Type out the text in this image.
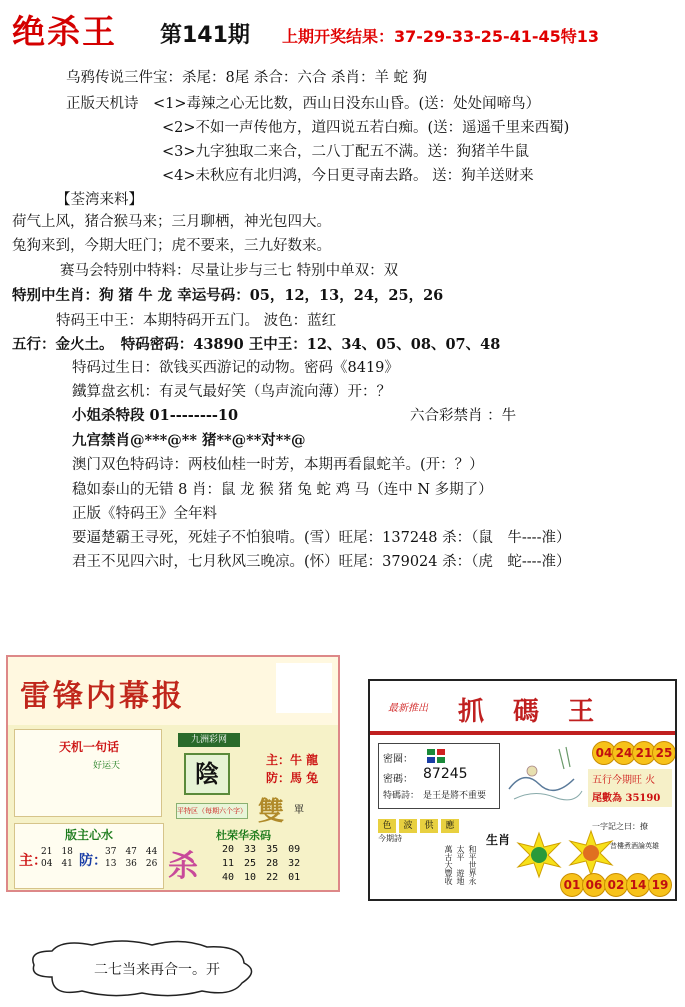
绝杀王 第141期 上期开奖结果：37-29-33-25-41-45特13
乌鸦传说三件宝：杀尾：8尾 杀合：六合 杀肖：羊 蛇 狗
正版天机诗　<1>毒辣之心无比数，西山日没东山昏。(送：处处闻啼鸟）
<2>不如一声传他方，道四说五若白痴。(送：遥遥千里来西蜀)
<3>九字独取二来合，二八丁配五不满。送：狗猪羊牛鼠
<4>未秋应有北归鸿，今日更寻南去路。 送：狗羊送财来
【荃湾来料】
荷气上风，猪合猴马来；三月聊栖，神光包四大。
兔狗来到，今期大旺门；虎不要来，三九好数来。
赛马会特别中特料：尽量让步与三七 特别中单双：双
特别中生肖：狗 猪 牛 龙 幸运号码：05，12，13，24，25，26
特码王中王：本期特码开五门。 波色：蓝红
五行：金火土。　特码密码：43890 王中王：12、34、05、08、07、48
特码过生日：欲钱买西游记的动物。密码《8419》
鐵算盘玄机：有灵气最好笑（鸟声流向薄）开：？
小姐杀特段 01--------10	六合彩禁肖 ：牛
九宫禁肖@***@** 猪**@**对**@
澳门双色特码诗：两枝仙桂一时芳，本期再看鼠蛇羊。(开：？）
稳如泰山的无错 8 肖：鼠 龙 猴 猪 兔 蛇 鸡 马（连中 N 多期了）
正版《特码王》全年料
要逼楚霸王寻死，死娃子不怕狼啃。(雪）旺尾：137248 杀：（鼠　牛----准）
君王不见四六时，七月秋风三晚凉。(怀）旺尾：379024 杀：（虎　蛇----准）
雷锋内幕报
天机一句话
好运天
九洲彩网
陰	主：牛 龍
防：馬 兔
平特区（每期六个字） 雙 單
版主心水
主：
21　18
04　41 防：
37　47　44
13　36　26 杀
杜荣华杀码
20　33　35　09
11　25　28　32
40　10　22　01
最新推出 抓 碼 王
密圈：
密碼： 87245
特碼詩： 是王是將不重要
04 24 21 25
五行今期旺 火
尾數為 35190
色 波 供 應
今期詩
和平世界永太平　遊地萬古大豐收
生肖
一字記之曰：撩
昔樓煮酒論英雄
01 06 02 14 19
二七当来再合一。开
